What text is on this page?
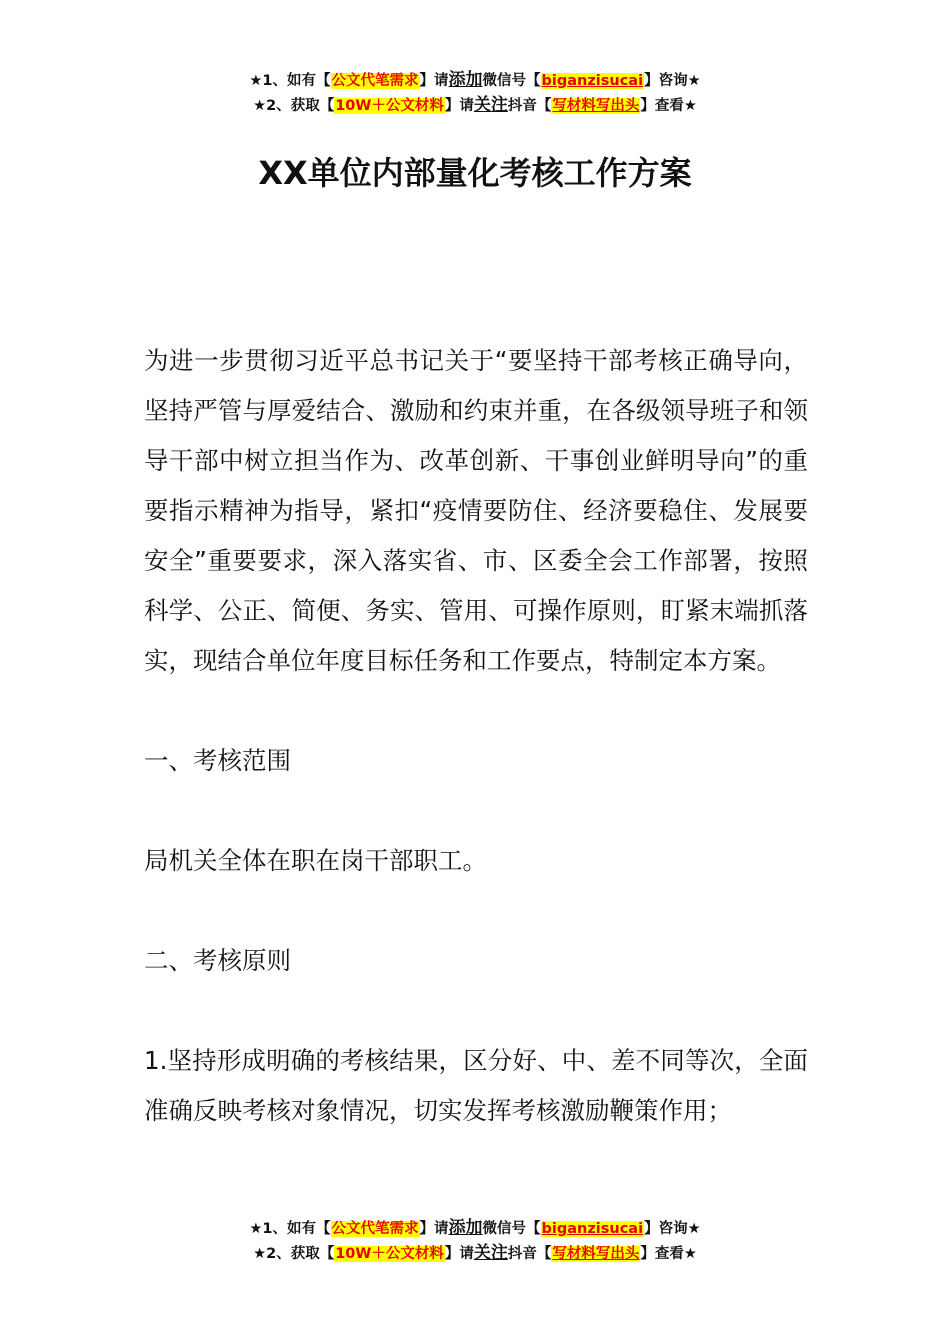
★1、如有【公文代笔需求】请添加微信号【biganzisucai】咨询★
★2、获取【10W＋公文材料】请关注抖音【写材料写出头】查看★
XX单位内部量化考核工作方案

为进一步贯彻习近平总书记关于“要坚持干部考核正确导向，坚持严管与厚爱结合、激励和约束并重，在各级领导班子和领导干部中树立担当作为、改革创新、干事创业鲜明导向”的重要指示精神为指导，紧扣“疫情要防住、经济要稳住、发展要安全”重要要求，深入落实省、市、区委全会工作部署，按照科学、公正、简便、务实、管用、可操作原则，盯紧末端抓落实，现结合单位年度目标任务和工作要点，特制定本方案。

一、考核范围

局机关全体在职在岗干部职工。

二、考核原则

1.坚持形成明确的考核结果，区分好、中、差不同等次，全面准确反映考核对象情况，切实发挥考核激励鞭策作用；

★1、如有【公文代笔需求】请添加微信号【biganzisucai】咨询★
★2、获取【10W＋公文材料】请关注抖音【写材料写出头】查看★
